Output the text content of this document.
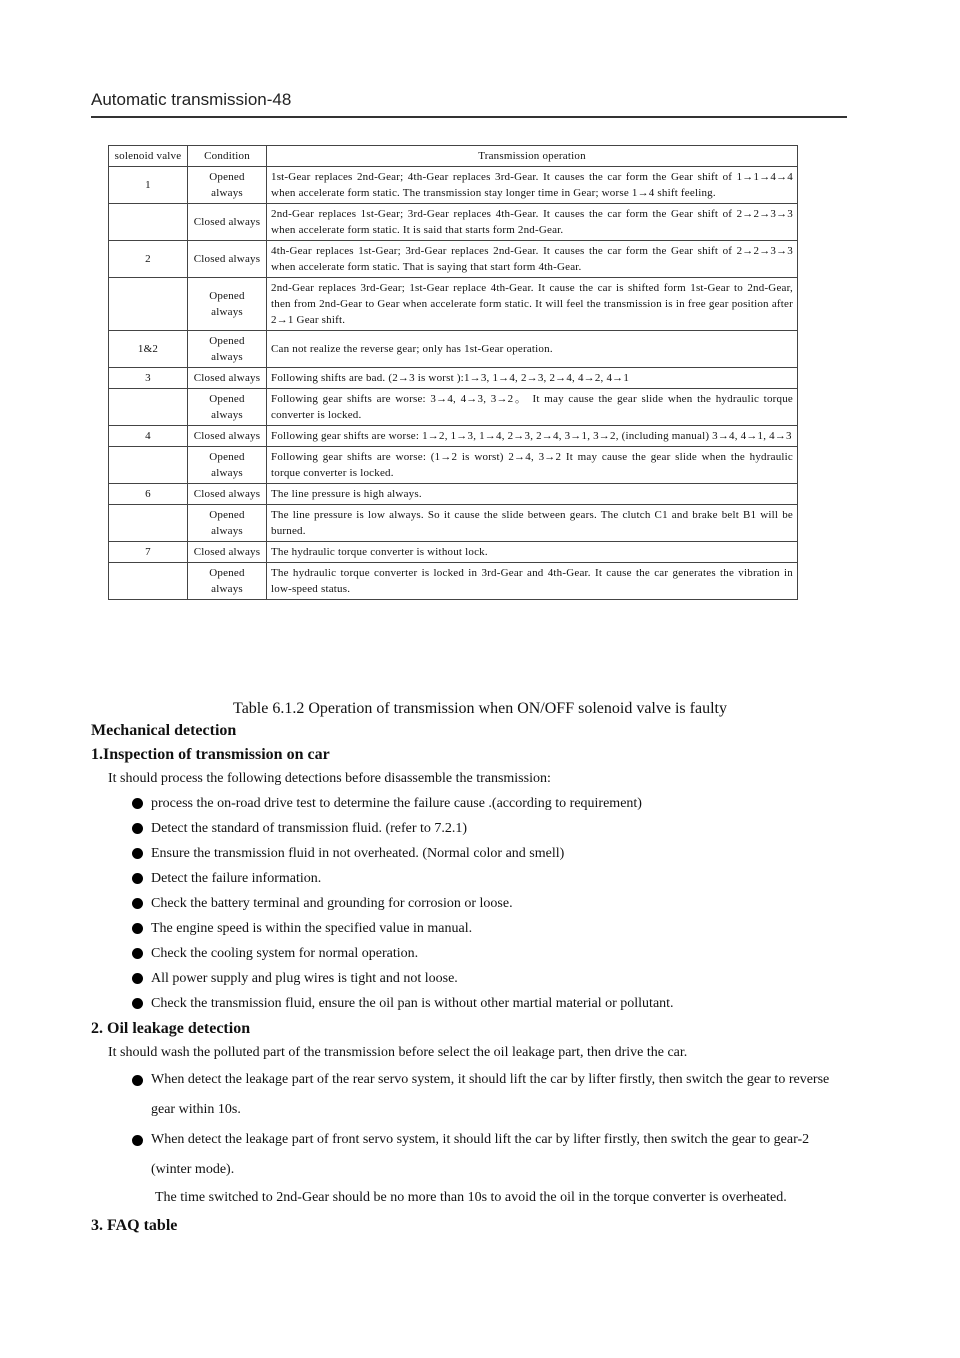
Automatic transmission-48
solenoid valve	Condition	Transmission operation
1	Opened always	1st-Gear replaces 2nd-Gear; 4th-Gear replaces 3rd-Gear. It causes the car form the Gear shift of 1→1→4→4 when accelerate form static. The transmission stay longer time in Gear; worse 1→4 shift feeling.
	Closed always	2nd-Gear replaces 1st-Gear; 3rd-Gear replaces 4th-Gear. It causes the car form the Gear shift of 2→2→3→3 when accelerate form static. It is said that starts form 2nd-Gear.
2	Closed always	4th-Gear replaces 1st-Gear; 3rd-Gear replaces 2nd-Gear. It causes the car form the Gear shift of 2→2→3→3 when accelerate form static. That is saying that start form 4th-Gear.
	Opened always	2nd-Gear replaces 3rd-Gear; 1st-Gear replace 4th-Gear. It cause the car is shifted form 1st-Gear to 2nd-Gear, then from 2nd-Gear to Gear when accelerate form static. It will feel the transmission is in free gear position after 2→1 Gear shift.
1&2	Opened always	Can not realize the reverse gear; only has 1st-Gear operation.
3	Closed always	Following shifts are bad. (2→3 is worst ):1→3, 1→4, 2→3, 2→4, 4→2, 4→1
	Opened always	Following gear shifts are worse: 3→4, 4→3, 3→2。 It may cause the gear slide when the hydraulic torque converter is locked.
4	Closed always	Following gear shifts are worse: 1→2, 1→3, 1→4, 2→3, 2→4, 3→1, 3→2, (including manual) 3→4, 4→1, 4→3
	Opened always	Following gear shifts are worse: (1→2 is worst) 2→4, 3→2 It may cause the gear slide when the hydraulic torque converter is locked.
6	Closed always	The line pressure is high always.
	Opened always	The line pressure is low always. So it cause the slide between gears. The clutch C1 and brake belt B1 will be burned.
7	Closed always	The hydraulic torque converter is without lock.
	Opened always	The hydraulic torque converter is locked in 3rd-Gear and 4th-Gear. It cause the car generates the vibration in low-speed status.
Table 6.1.2 Operation of transmission when ON/OFF solenoid valve is faulty

Mechanical detection

1.Inspection of transmission on car

It should process the following detections before disassemble the transmission:

process the on-road drive test to determine the failure cause .(according to requirement)
Detect the standard of transmission fluid. (refer to 7.2.1)
Ensure the transmission fluid in not overheated. (Normal color and smell)
Detect the failure information.
Check the battery terminal and grounding for corrosion or loose.
The engine speed is within the specified value in manual.
Check the cooling system for normal operation.
All power supply and plug wires is tight and not loose.
Check the transmission fluid, ensure the oil pan is without other martial material or pollutant.

2. Oil leakage detection

It should wash the polluted part of the transmission before select the oil leakage part, then drive the car.

When detect the leakage part of the rear servo system, it should lift the car by lifter firstly, then switch the gear to reverse gear within 10s.
When detect the leakage part of front servo system, it should lift the car by lifter firstly, then switch the gear to gear-2 (winter mode).

The time switched to 2nd-Gear should be no more than 10s to avoid the oil in the torque converter is overheated.

3. FAQ table
